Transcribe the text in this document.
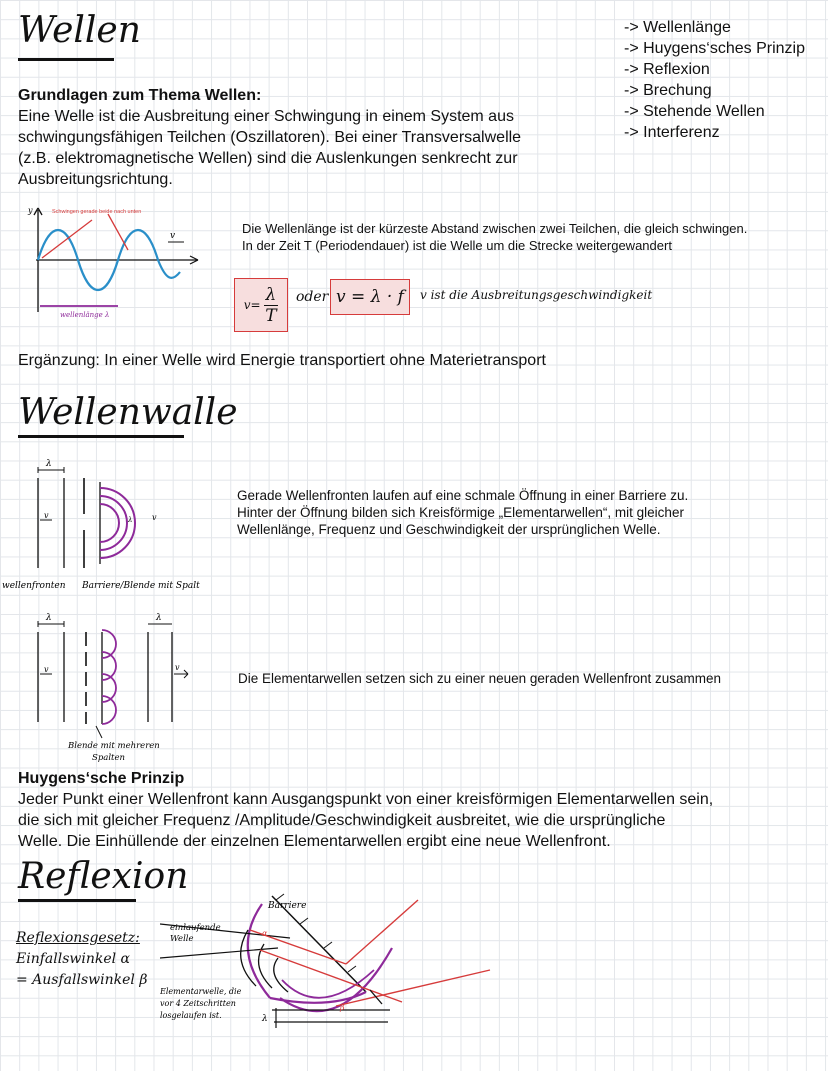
Wellen	-> Wellenlänge
-> Huygens‘sches Prinzip
-> Reflexion
-> Brechung
-> Stehende Wellen
-> Interferenz
Grundlagen zum Thema Wellen:
Eine Welle ist die Ausbreitung einer Schwingung in einem System aus
schwingungsfähigen Teilchen (Oszillatoren). Bei einer Transversalwelle
(z.B. elektromagnetische Wellen) sind die Auslenkungen senkrecht zur
Ausbreitungsrichtung.
y	Schwingen gerade beide nach unten
v
wellenlänge λ
Die Wellenlänge ist der kürzeste Abstand zwischen zwei Teilchen, die gleich schwingen.
In der Zeit T (Periodendauer) ist die Welle um die Strecke weitergewandert
$v= \frac{\lambda}{T}$ oder v = λ · f	v ist die Ausbreitungsgeschwindigkeit
Ergänzung: In einer Welle wird Energie transportiert ohne Materietransport
Wellenwalle
λ
v	λ v
wellenfronten Barriere/Blende mit Spalt
Gerade Wellenfronten laufen auf eine schmale Öffnung in einer Barriere zu.
Hinter der Öffnung bilden sich Kreisförmige „Elementarwellen“, mit gleicher
Wellenlänge, Frequenz und Geschwindigkeit der ursprünglichen Welle.
λ
v
λ
v
Blende mit mehreren
Spalten
Die Elementarwellen setzen sich zu einer neuen geraden Wellenfront zusammen
Huygens‘sche Prinzip
Jeder Punkt einer Wellenfront kann Ausgangspunkt von einer kreisförmigen Elementarwellen sein,
die sich mit gleicher Frequenz /Amplitude/Geschwindigkeit ausbreitet, wie die ursprüngliche
Welle. Die Einhüllende der einzelnen Elementarwellen ergibt eine neue Wellenfront.
Reflexion
Reflexionsgesetz:
Einfallswinkel α
= Ausfallswinkel β
Barriere
λ
α
β
einlaufende
Welle
Elementarwelle, die
vor 4 Zeitschritten
losgelaufen ist.
